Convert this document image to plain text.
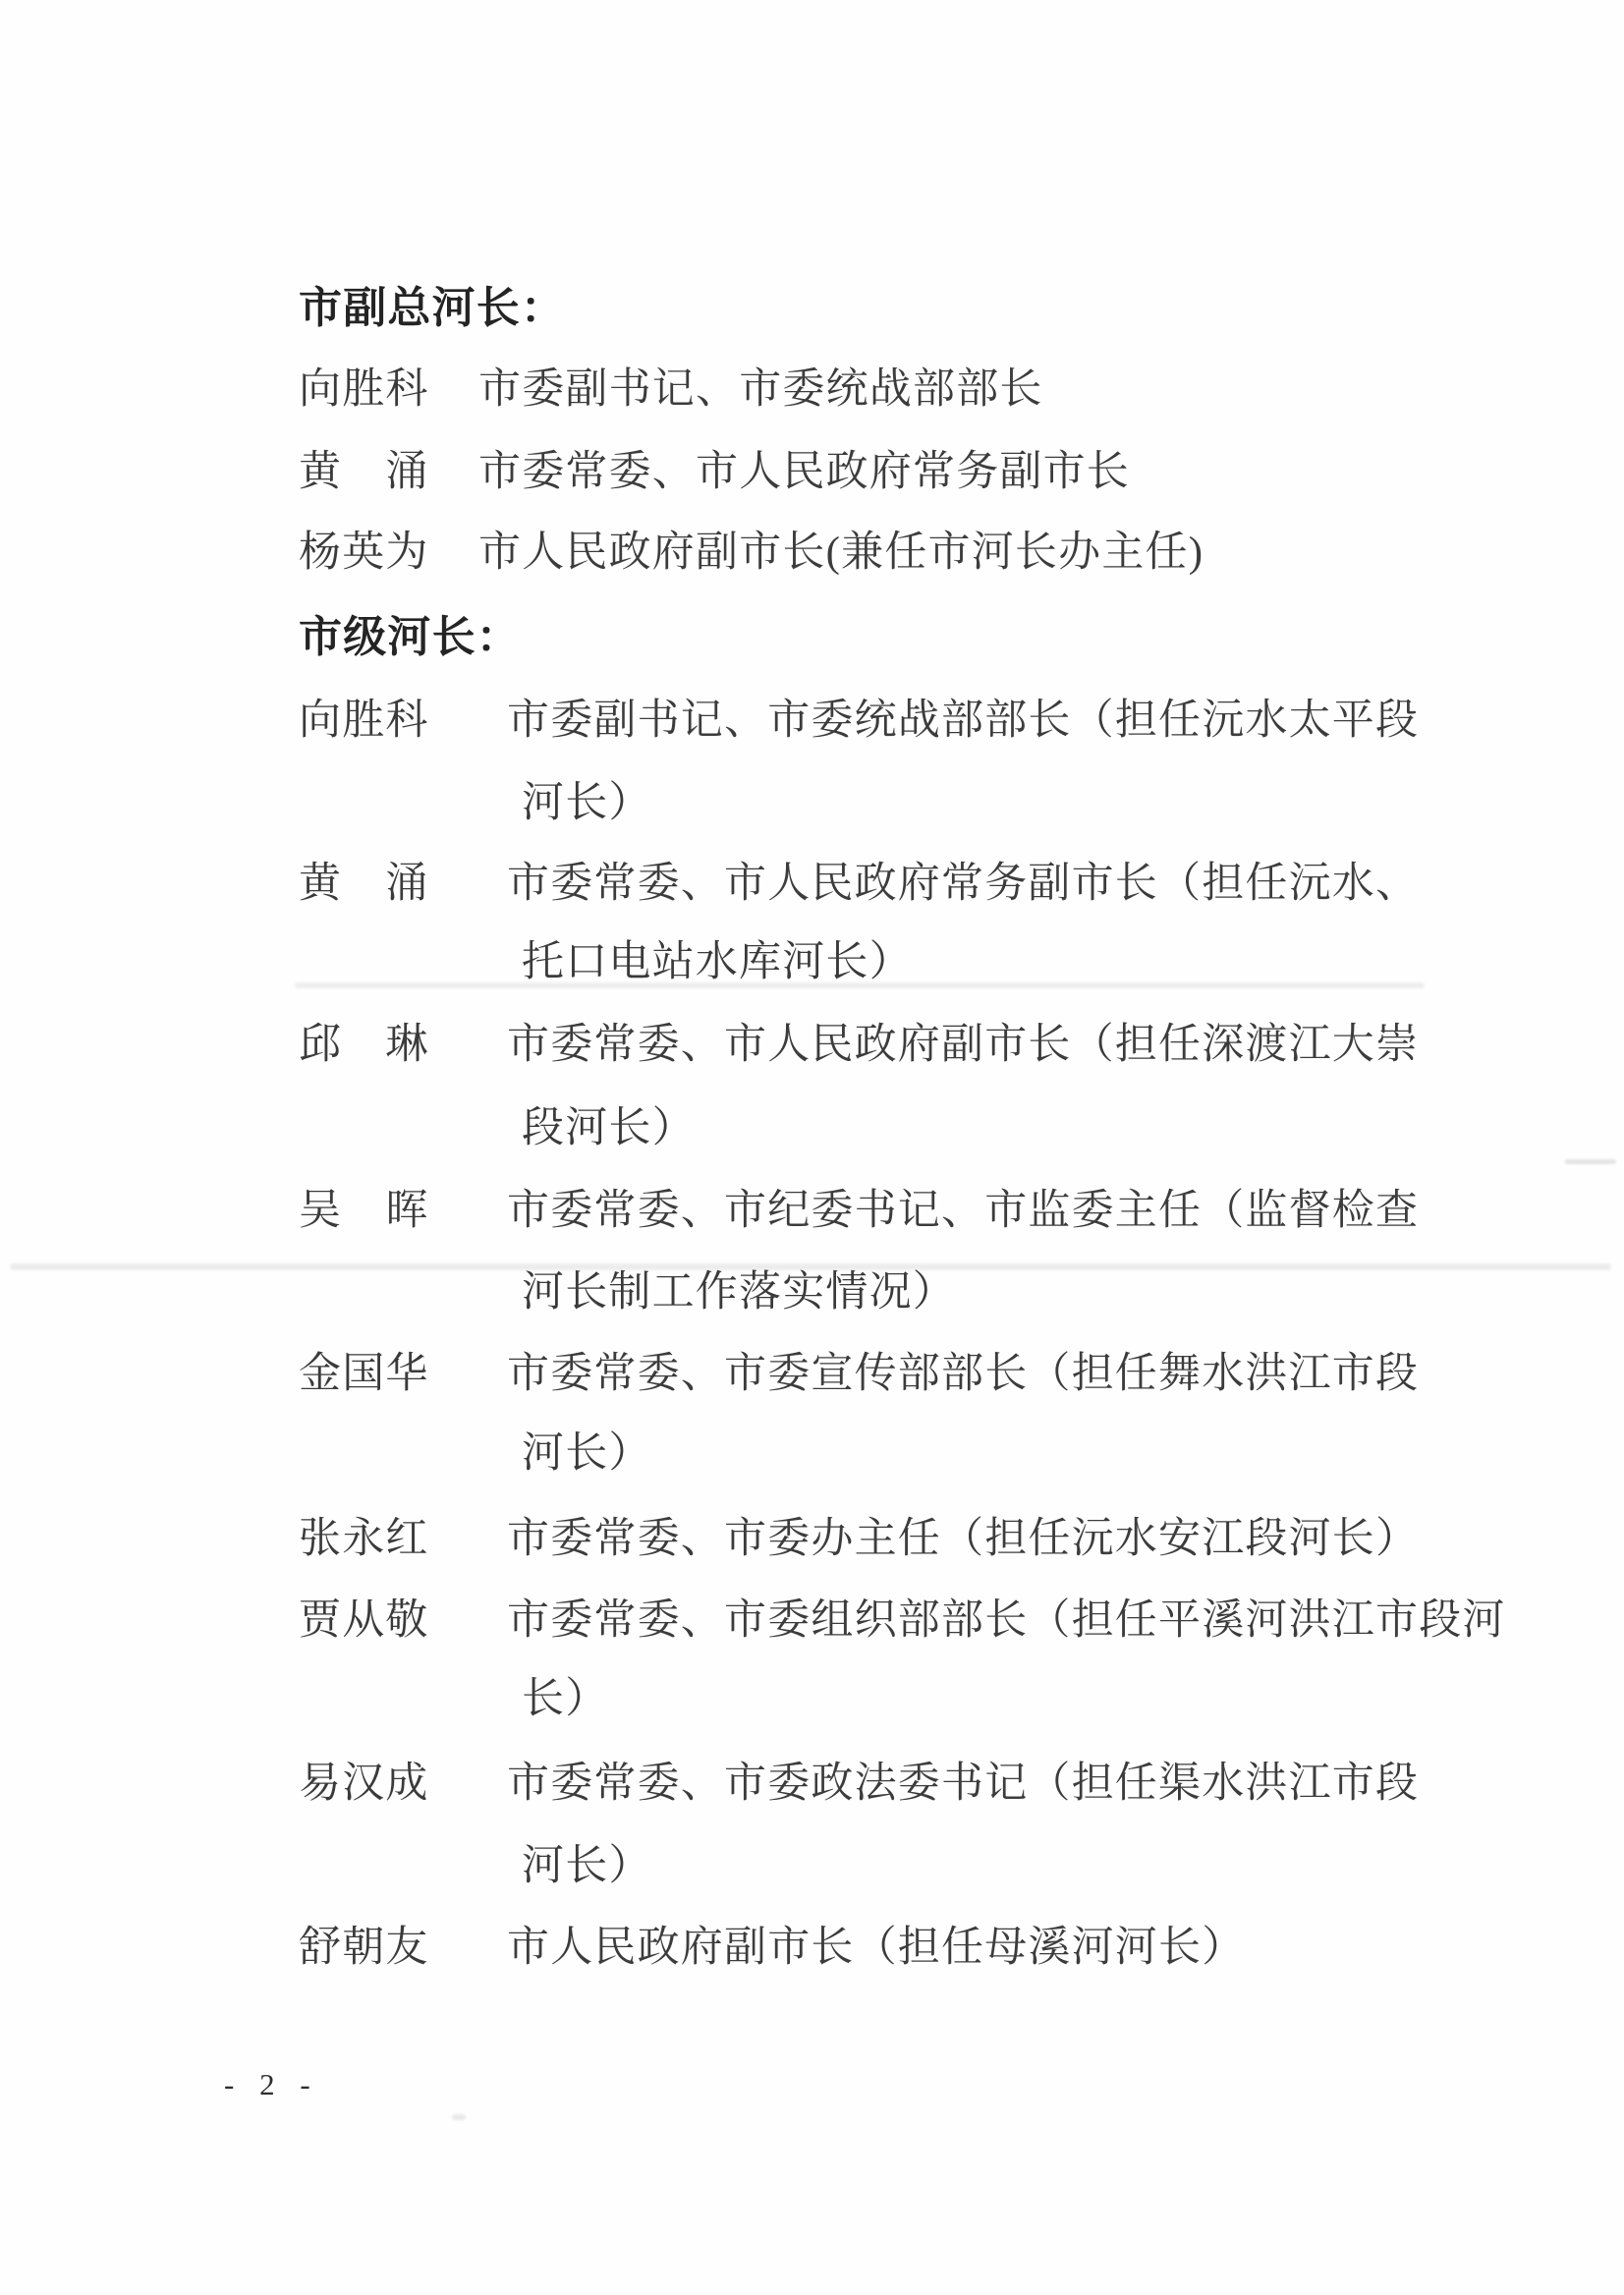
市副总河长：
向胜科 市委副书记、市委统战部部长
黄　涌 市委常委、市人民政府常务副市长
杨英为 市人民政府副市长(兼任市河长办主任)
市级河长：
向胜科 市委副书记、市委统战部部长（担任沅水太平段
河长）
黄　涌 市委常委、市人民政府常务副市长（担任沅水、
托口电站水库河长）
邱　琳 市委常委、市人民政府副市长（担任深渡江大崇
段河长）
吴　晖 市委常委、市纪委书记、市监委主任（监督检查
河长制工作落实情况）
金国华 市委常委、市委宣传部部长（担任舞水洪江市段
河长）
张永红 市委常委、市委办主任（担任沅水安江段河长）
贾从敬 市委常委、市委组织部部长（担任平溪河洪江市段河
长）
易汉成 市委常委、市委政法委书记（担任渠水洪江市段
河长）
舒朝友 市人民政府副市长（担任母溪河河长）
- 2 -
